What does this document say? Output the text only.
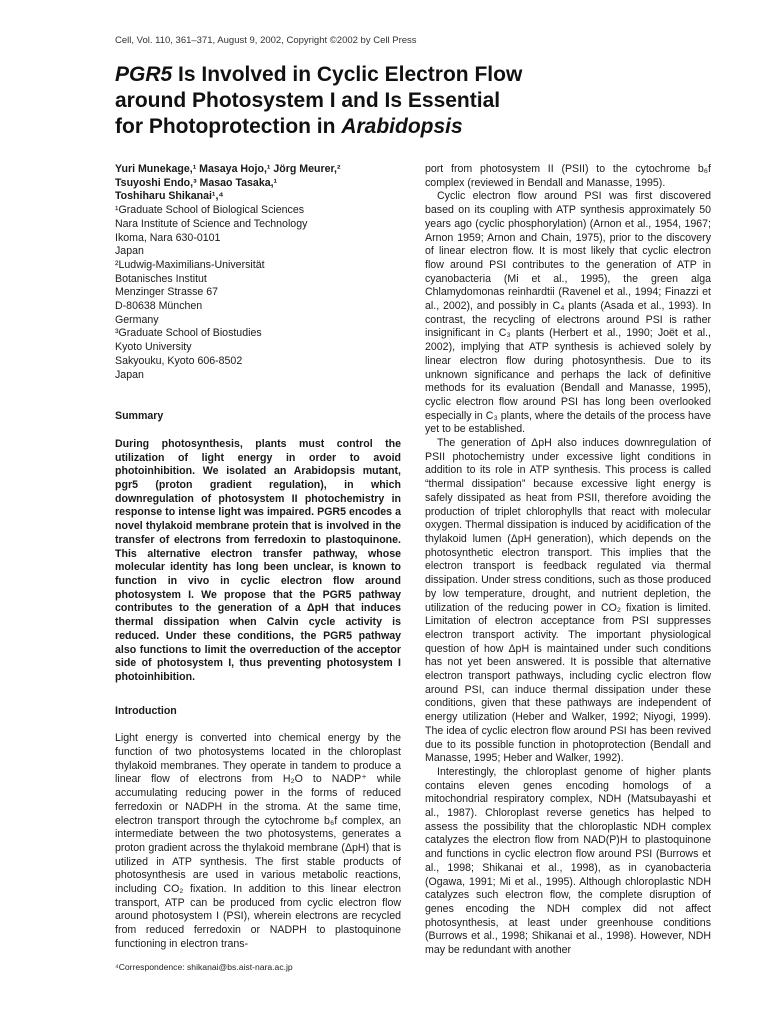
Cell, Vol. 110, 361–371, August 9, 2002, Copyright ©2002 by Cell Press
PGR5 Is Involved in Cyclic Electron Flow
around Photosystem I and Is Essential
for Photoprotection in Arabidopsis
Yuri Munekage,¹ Masaya Hojo,¹ Jörg Meurer,²
Tsuyoshi Endo,³ Masao Tasaka,¹
Toshiharu Shikanai¹,⁴
¹Graduate School of Biological Sciences
Nara Institute of Science and Technology
Ikoma, Nara 630-0101
Japan
²Ludwig-Maximilians-Universität
Botanisches Institut
Menzinger Strasse 67
D-80638 München
Germany
³Graduate School of Biostudies
Kyoto University
Sakyouku, Kyoto 606-8502
Japan
Summary

During photosynthesis, plants must control the utilization of light energy in order to avoid photoinhibition. We isolated an Arabidopsis mutant, pgr5 (proton gradient regulation), in which downregulation of photosystem II photochemistry in response to intense light was impaired. PGR5 encodes a novel thylakoid membrane protein that is involved in the transfer of electrons from ferredoxin to plastoquinone. This alternative electron transfer pathway, whose molecular identity has long been unclear, is known to function in vivo in cyclic electron flow around photosystem I. We propose that the PGR5 pathway contributes to the generation of a ΔpH that induces thermal dissipation when Calvin cycle activity is reduced. Under these conditions, the PGR5 pathway also functions to limit the overreduction of the acceptor side of photosystem I, thus preventing photosystem I photoinhibition.

Introduction

Light energy is converted into chemical energy by the function of two photosystems located in the chloroplast thylakoid membranes. They operate in tandem to produce a linear flow of electrons from H₂O to NADP⁺ while accumulating reducing power in the forms of reduced ferredoxin or NADPH in the stroma. At the same time, electron transport through the cytochrome b₆f complex, an intermediate between the two photosystems, generates a proton gradient across the thylakoid membrane (ΔpH) that is utilized in ATP synthesis. The first stable products of photosynthesis are used in various metabolic reactions, including CO₂ fixation. In addition to this linear electron transport, ATP can be produced from cyclic electron flow around photosystem I (PSI), wherein electrons are recycled from reduced ferredoxin or NADPH to plastoquinone functioning in electron trans-

port from photosystem II (PSII) to the cytochrome b₆f complex (reviewed in Bendall and Manasse, 1995).

Cyclic electron flow around PSI was first discovered based on its coupling with ATP synthesis approximately 50 years ago (cyclic phosphorylation) (Arnon et al., 1954, 1967; Arnon 1959; Arnon and Chain, 1975), prior to the discovery of linear electron flow. It is most likely that cyclic electron flow around PSI contributes to the generation of ATP in cyanobacteria (Mi et al., 1995), the green alga Chlamydomonas reinhardtii (Ravenel et al., 1994; Finazzi et al., 2002), and possibly in C₄ plants (Asada et al., 1993). In contrast, the recycling of electrons around PSI is rather insignificant in C₃ plants (Herbert et al., 1990; Joët et al., 2002), implying that ATP synthesis is achieved solely by linear electron flow during photosynthesis. Due to its unknown significance and perhaps the lack of definitive methods for its evaluation (Bendall and Manasse, 1995), cyclic electron flow around PSI has long been overlooked especially in C₃ plants, where the details of the process have yet to be established.

The generation of ΔpH also induces downregulation of PSII photochemistry under excessive light conditions in addition to its role in ATP synthesis. This process is called “thermal dissipation” because excessive light energy is safely dissipated as heat from PSII, therefore avoiding the production of triplet chlorophylls that react with molecular oxygen. Thermal dissipation is induced by acidification of the thylakoid lumen (ΔpH generation), which depends on the photosynthetic electron transport. This implies that the electron transport is feedback regulated via thermal dissipation. Under stress conditions, such as those produced by low temperature, drought, and nutrient depletion, the utilization of the reducing power in CO₂ fixation is limited. Limitation of electron acceptance from PSI suppresses electron transport activity. The important physiological question of how ΔpH is maintained under such conditions has not yet been answered. It is possible that alternative electron transport pathways, including cyclic electron flow around PSI, can induce thermal dissipation under these conditions, given that these pathways are independent of energy utilization (Heber and Walker, 1992; Niyogi, 1999). The idea of cyclic electron flow around PSI has been revived due to its possible function in photoprotection (Bendall and Manasse, 1995; Heber and Walker, 1992).

Interestingly, the chloroplast genome of higher plants contains eleven genes encoding homologs of a mitochondrial respiratory complex, NDH (Matsubayashi et al., 1987). Chloroplast reverse genetics has helped to assess the possibility that the chloroplastic NDH complex catalyzes the electron flow from NAD(P)H to plastoquinone and functions in cyclic electron flow around PSI (Burrows et al., 1998; Shikanai et al., 1998), as in cyanobacteria (Ogawa, 1991; Mi et al., 1995). Although chloroplastic NDH catalyzes such electron flow, the complete disruption of genes encoding the NDH complex did not affect photosynthesis, at least under greenhouse conditions (Burrows et al., 1998; Shikanai et al., 1998). However, NDH may be redundant with another

⁴Correspondence: shikanai@bs.aist-nara.ac.jp
